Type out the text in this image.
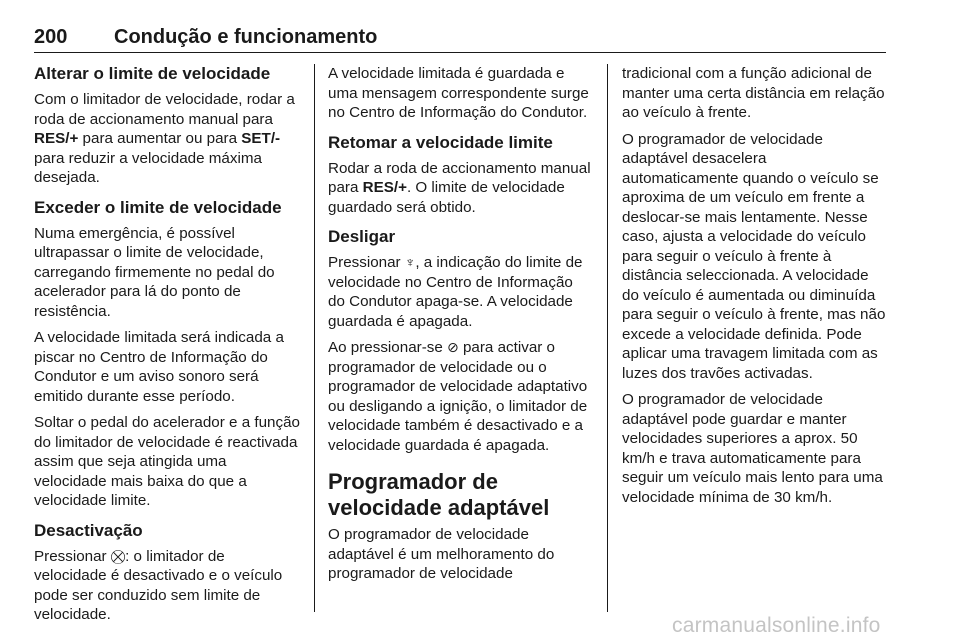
200 Condução e funcionamento
Alterar o limite de velocidade

Com o limitador de velocidade, rodar a roda de accionamento manual para RES/+ para aumentar ou para SET/- para reduzir a velocidade máxima desejada.

Exceder o limite de velocidade

Numa emergência, é possível ultrapassar o limite de velocidade, carregando firmemente no pedal do acelerador para lá do ponto de resistência.

A velocidade limitada será indicada a piscar no Centro de Informação do Condutor e um aviso sonoro será emitido durante esse período.

Soltar o pedal do acelerador e a função do limitador de velocidade é reactivada assim que seja atingida uma velocidade mais baixa do que a velocidade limite.

Desactivação

Pressionar ⛒: o limitador de velocidade é desactivado e o veículo pode ser conduzido sem limite de velocidade.

A velocidade limitada é guardada e uma mensagem correspondente surge no Centro de Informação do Condutor.

Retomar a velocidade limite

Rodar a roda de accionamento manual para RES/+. O limite de velocidade guardado será obtido.

Desligar

Pressionar ♆, a indicação do limite de velocidade no Centro de Informação do Condutor apaga-se. A velocidade guardada é apagada.

Ao pressionar-se ⊘ para activar o programador de velocidade ou o programador de velocidade adaptativo ou desligando a ignição, o limitador de velocidade também é desactivado e a velocidade guardada é apagada.

Programador de velocidade adaptável

O programador de velocidade adaptável é um melhoramento do programador de velocidade

tradicional com a função adicional de manter uma certa distância em relação ao veículo à frente.

O programador de velocidade adaptável desacelera automaticamente quando o veículo se aproxima de um veículo em frente a deslocar-se mais lentamente. Nesse caso, ajusta a velocidade do veículo para seguir o veículo à frente à distância seleccionada. A velocidade do veículo é aumentada ou diminuída para seguir o veículo à frente, mas não excede a velocidade definida. Pode aplicar uma travagem limitada com as luzes dos travões activadas.

O programador de velocidade adaptável pode guardar e manter velocidades superiores a aprox. 50 km/h e trava automaticamente para seguir um veículo mais lento para uma velocidade mínima de 30 km/h.

carmanualsonline.info
